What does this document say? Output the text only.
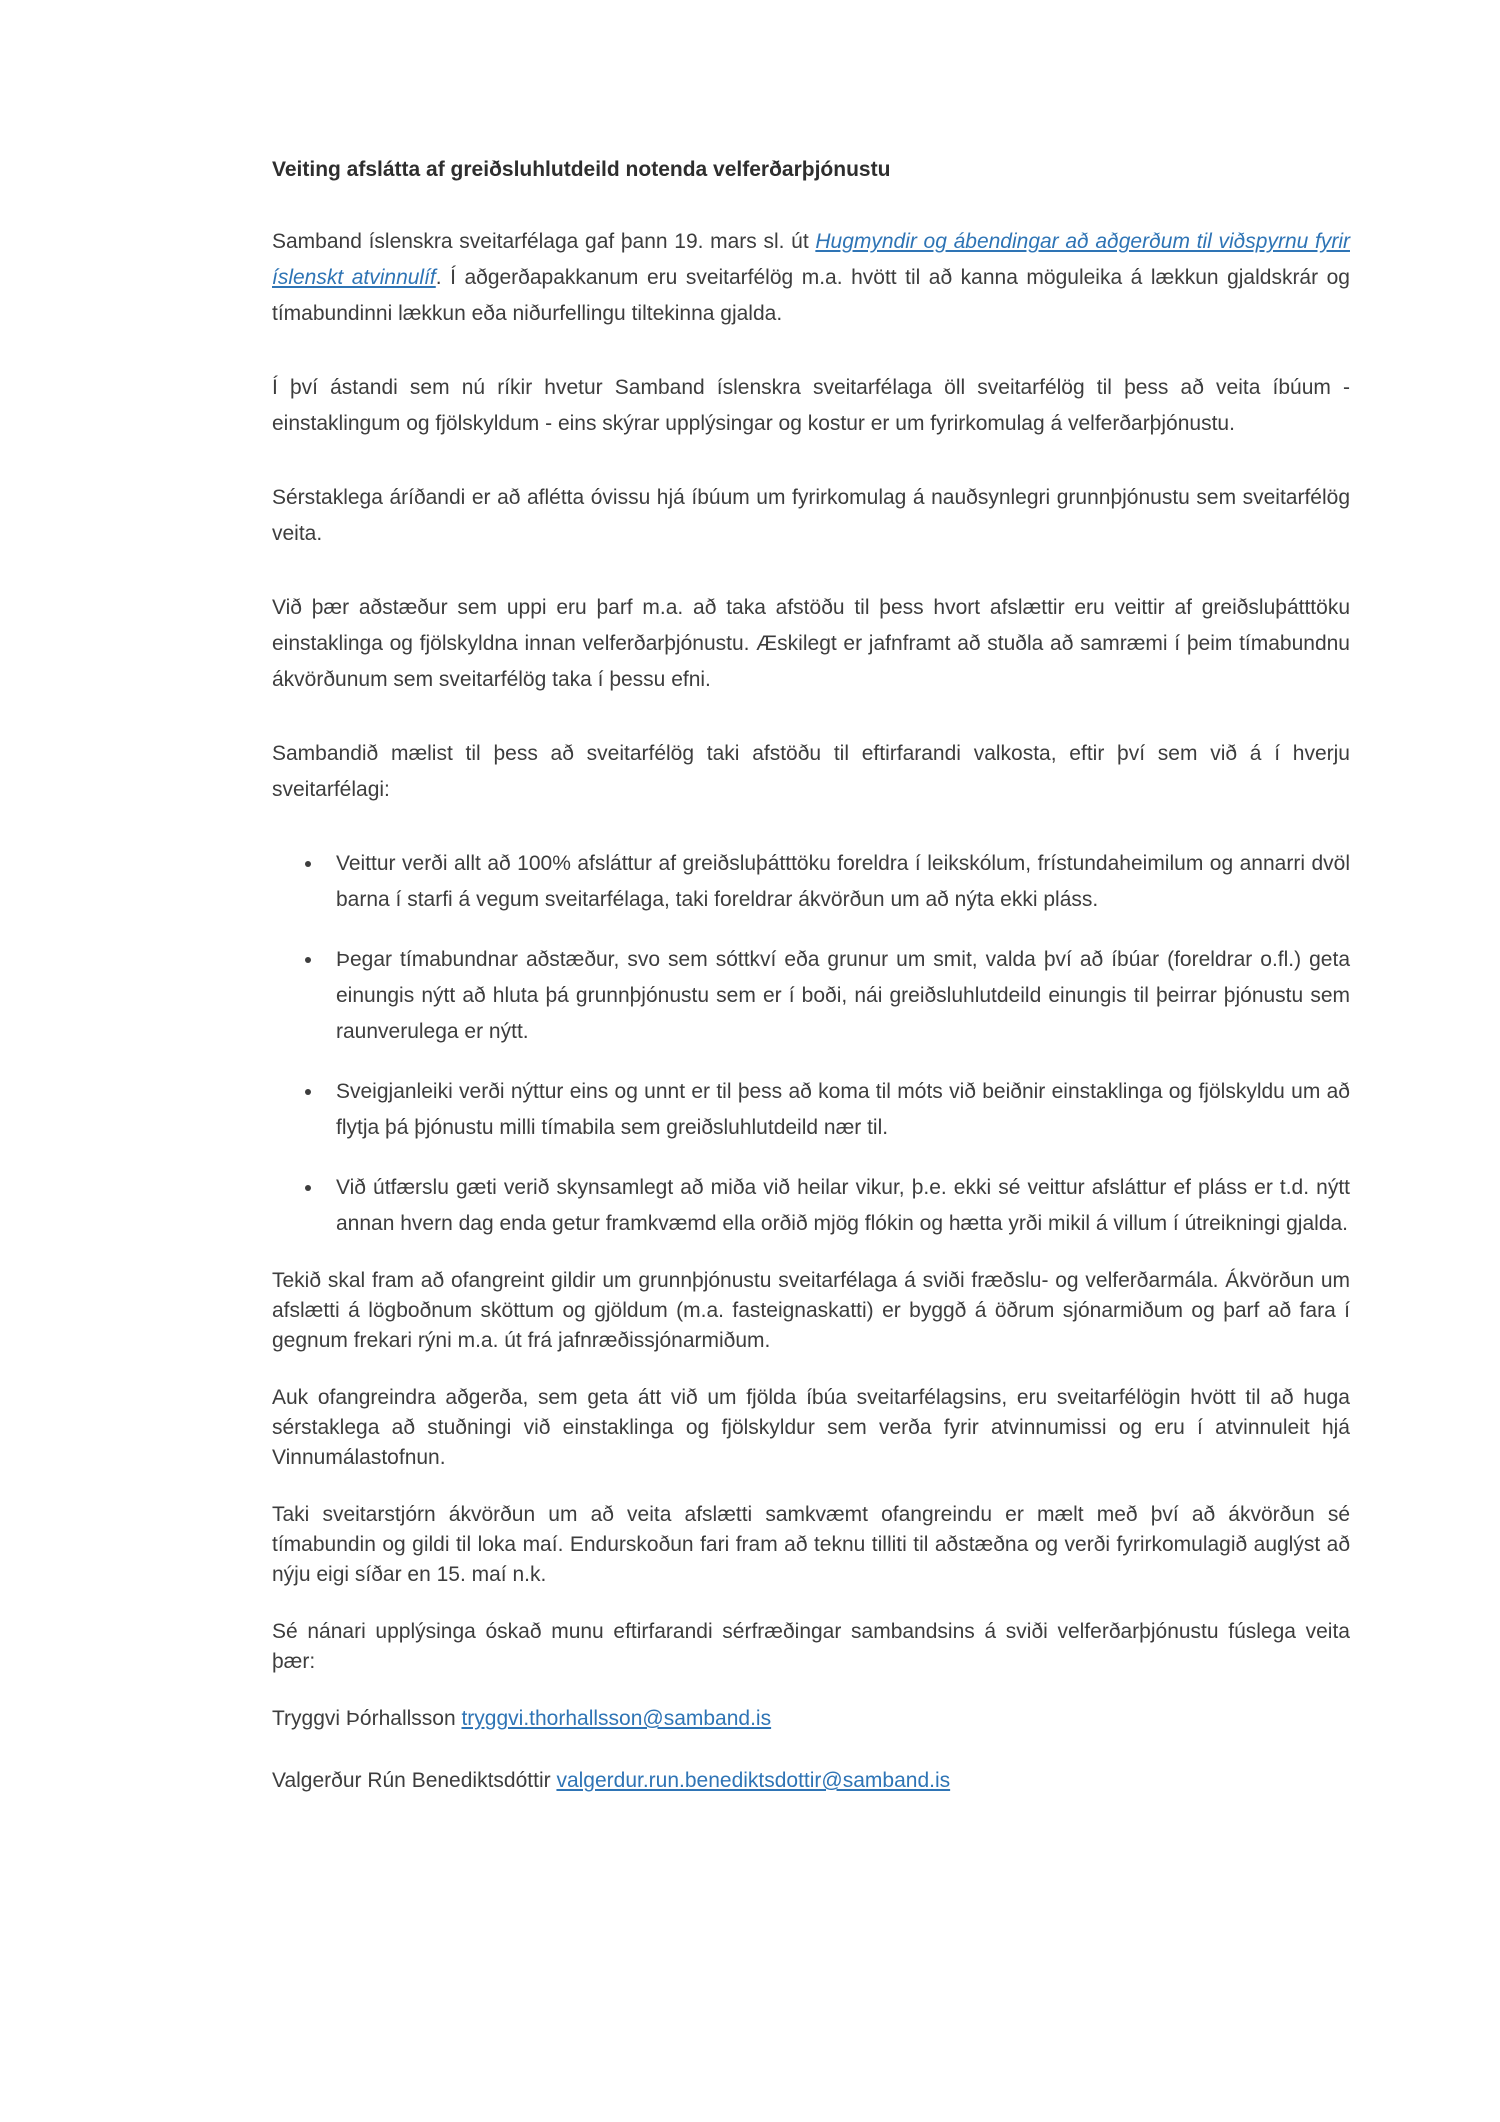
Veiting afslátta af greiðsluhlutdeild notenda velferðarþjónustu

Samband íslenskra sveitarfélaga gaf þann 19. mars sl. út Hugmyndir og ábendingar að aðgerðum til viðspyrnu fyrir íslenskt atvinnulíf. Í aðgerðapakkanum eru sveitarfélög m.a. hvött til að kanna möguleika á lækkun gjaldskrár og tímabundinni lækkun eða niðurfellingu tiltekinna gjalda.

Í því ástandi sem nú ríkir hvetur Samband íslenskra sveitarfélaga öll sveitarfélög til þess að veita íbúum - einstaklingum og fjölskyldum - eins skýrar upplýsingar og kostur er um fyrirkomulag á velferðarþjónustu.

Sérstaklega áríðandi er að aflétta óvissu hjá íbúum um fyrirkomulag á nauðsynlegri grunnþjónustu sem sveitarfélög veita.

Við þær aðstæður sem uppi eru þarf m.a. að taka afstöðu til þess hvort afslættir eru veittir af greiðsluþátttöku einstaklinga og fjölskyldna innan velferðarþjónustu. Æskilegt er jafnframt að stuðla að samræmi í þeim tímabundnu ákvörðunum sem sveitarfélög taka í þessu efni.

Sambandið mælist til þess að sveitarfélög taki afstöðu til eftirfarandi valkosta, eftir því sem við á í hverju sveitarfélagi:

• Veittur verði allt að 100% afsláttur af greiðsluþátttöku foreldra í leikskólum, frístundaheimilum og annarri dvöl barna í starfi á vegum sveitarfélaga, taki foreldrar ákvörðun um að nýta ekki pláss.
• Þegar tímabundnar aðstæður, svo sem sóttkví eða grunur um smit, valda því að íbúar (foreldrar o.fl.) geta einungis nýtt að hluta þá grunnþjónustu sem er í boði, nái greiðsluhlutdeild einungis til þeirrar þjónustu sem raunverulega er nýtt.
• Sveigjanleiki verði nýttur eins og unnt er til þess að koma til móts við beiðnir einstaklinga og fjölskyldu um að flytja þá þjónustu milli tímabila sem greiðsluhlutdeild nær til.
• Við útfærslu gæti verið skynsamlegt að miða við heilar vikur, þ.e. ekki sé veittur afsláttur ef pláss er t.d. nýtt annan hvern dag enda getur framkvæmd ella orðið mjög flókin og hætta yrði mikil á villum í útreikningi gjalda.

Tekið skal fram að ofangreint gildir um grunnþjónustu sveitarfélaga á sviði fræðslu- og velferðarmála. Ákvörðun um afslætti á lögboðnum sköttum og gjöldum (m.a. fasteignaskatti) er byggð á öðrum sjónarmiðum og þarf að fara í gegnum frekari rýni m.a. út frá jafnræðissjónarmiðum.

Auk ofangreindra aðgerða, sem geta átt við um fjölda íbúa sveitarfélagsins, eru sveitarfélögin hvött til að huga sérstaklega að stuðningi við einstaklinga og fjölskyldur sem verða fyrir atvinnumissi og eru í atvinnuleit hjá Vinnumálastofnun.

Taki sveitarstjórn ákvörðun um að veita afslætti samkvæmt ofangreindu er mælt með því að ákvörðun sé tímabundin og gildi til loka maí. Endurskoðun fari fram að teknu tilliti til aðstæðna og verði fyrirkomulagið auglýst að nýju eigi síðar en 15. maí n.k.

Sé nánari upplýsinga óskað munu eftirfarandi sérfræðingar sambandsins á sviði velferðarþjónustu fúslega veita þær:

Tryggvi Þórhallsson tryggvi.thorhallsson@samband.is

Valgerður Rún Benediktsdóttir valgerdur.run.benediktsdottir@samband.is
